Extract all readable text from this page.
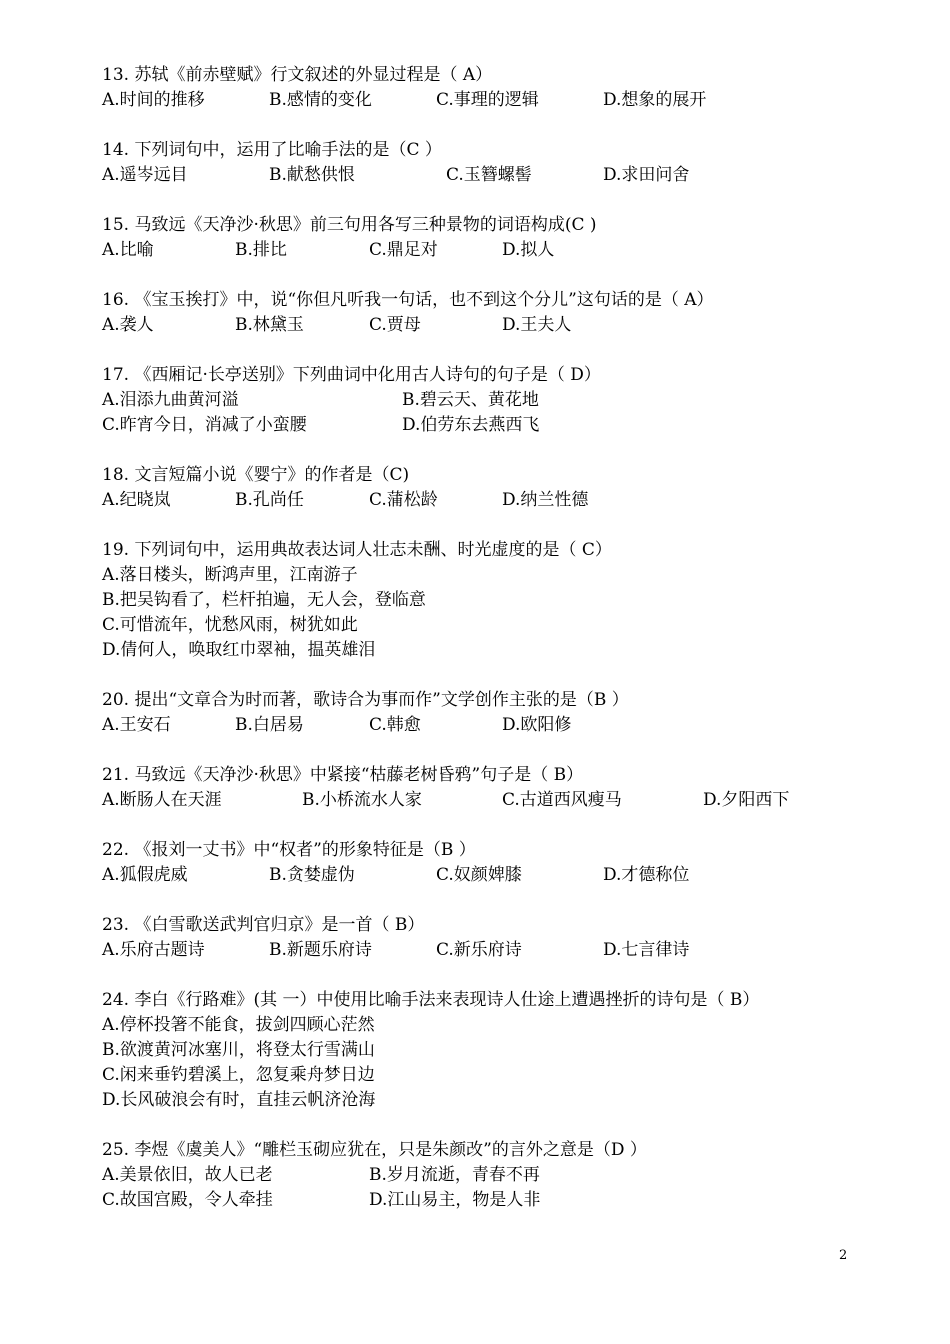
13. 苏轼《前赤壁赋》行文叙述的外显过程是（ A）
A.时间的推移	B.感情的变化	C.事理的逻辑	D.想象的展开
14. 下列词句中，运用了比喻手法的是（C ）
A.遥岑远目	B.献愁供恨	C.玉簪螺髻	D.求田问舍
15. 马致远《天净沙·秋思》前三句用各写三种景物的词语构成(C )
A.比喻	B.排比	C.鼎足对	D.拟人
16. 《宝玉挨打》中，说“你但凡听我一句话，也不到这个分儿”这句话的是（ A）
A.袭人	B.林黛玉	C.贾母	D.王夫人
17. 《西厢记·长亭送别》下列曲词中化用古人诗句的句子是（ D）
A.泪添九曲黄河溢	B.碧云天、黄花地
C.昨宵今日，消减了小蛮腰	D.伯劳东去燕西飞
18. 文言短篇小说《婴宁》的作者是（C)
A.纪晓岚	B.孔尚任	C.蒲松龄	D.纳兰性德
19. 下列词句中，运用典故表达词人壮志未酬、时光虚度的是（ C）
A.落日楼头，断鸿声里，江南游子
B.把吴钩看了，栏杆拍遍，无人会，登临意
C.可惜流年，忧愁风雨，树犹如此
D.倩何人，唤取红巾翠袖，揾英雄泪
20. 提出“文章合为时而著，歌诗合为事而作”文学创作主张的是（B ）
A.王安石	B.白居易	C.韩愈	D.欧阳修
21. 马致远《天净沙·秋思》中紧接“枯藤老树昏鸦”句子是（ B）
A.断肠人在天涯	B.小桥流水人家	C.古道西风瘦马	D.夕阳西下
22. 《报刘一丈书》中“权者”的形象特征是（B ）
A.狐假虎威	B.贪婪虚伪	C.奴颜婢膝	D.才德称位
23. 《白雪歌送武判官归京》是一首（ B）
A.乐府古题诗	B.新题乐府诗	C.新乐府诗	D.七言律诗
24. 李白《行路难》(其 一）中使用比喻手法来表现诗人仕途上遭遇挫折的诗句是（ B）
A.停杯投箸不能食，拔剑四顾心茫然
B.欲渡黄河冰塞川，将登太行雪满山
C.闲来垂钓碧溪上，忽复乘舟梦日边
D.长风破浪会有时，直挂云帆济沧海
25. 李煜《虞美人》“雕栏玉砌应犹在，只是朱颜改”的言外之意是（D ）
A.美景依旧，故人已老	B.岁月流逝，青春不再
C.故国宫殿，令人牵挂	D.江山易主，物是人非
2
